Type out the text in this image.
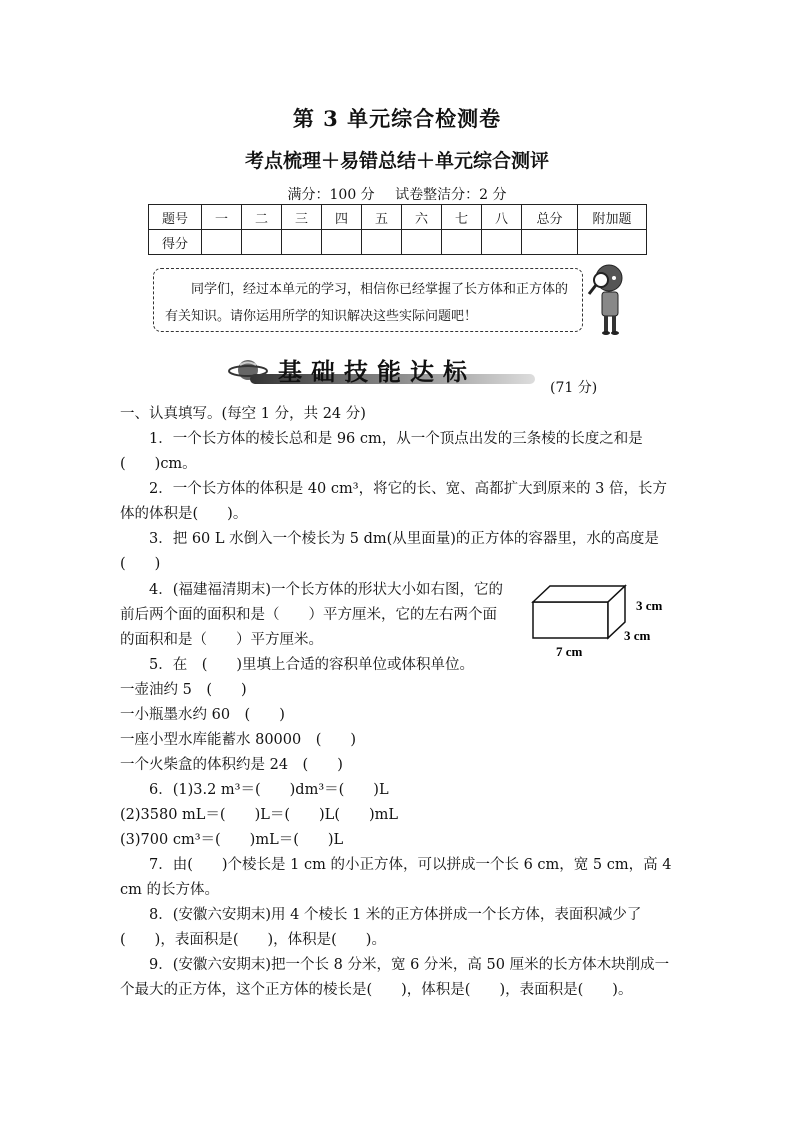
第 3 单元综合检测卷
考点梳理＋易错总结＋单元综合测评
满分：100 分 试卷整洁分：2 分
题号	一	二	三	四	五	六	七	八	总分	附加题
得分										
同学们，经过本单元的学习，相信你已经掌握了长方体和正方体的有关知识。请你运用所学的知识解决这些实际问题吧！
基础技能达标
(71 分)
一、认真填写。(每空 1 分，共 24 分)
1．一个长方体的棱长总和是 96 cm，从一个顶点出发的三条棱的长度之和是(　　)cm。
2．一个长方体的体积是 40 cm³，将它的长、宽、高都扩大到原来的 3 倍，长方体的体积是(　　)。
3．把 60 L 水倒入一个棱长为 5 dm(从里面量)的正方体的容器里，水的高度是(　　)
4．(福建福清期末)一个长方体的形状大小如右图，它的前后两个面的面积和是（　　）平方厘米，它的左右两个面的面积和是（　　）平方厘米。
3 cm
3 cm
7 cm
5．在　(　　)里填上合适的容积单位或体积单位。
一壶油约 5　(　　)
一小瓶墨水约 60　(　　)
一座小型水库能蓄水 80000　(　　)
一个火柴盒的体积约是 24　(　　)
6．(1)3.2 m³＝(　　)dm³＝(　　)L
(2)3580 mL＝(　　)L＝(　　)L(　　)mL
(3)700 cm³＝(　　)mL＝(　　)L
7．由(　　)个棱长是 1 cm 的小正方体，可以拼成一个长 6 cm，宽 5 cm，高 4 cm 的长方体。
8．(安徽六安期末)用 4 个棱长 1 米的正方体拼成一个长方体，表面积减少了(　　)，表面积是(　　)，体积是(　　)。
9．(安徽六安期末)把一个长 8 分米，宽 6 分米，高 50 厘米的长方体木块削成一个最大的正方体，这个正方体的棱长是(　　)，体积是(　　)，表面积是(　　)。
